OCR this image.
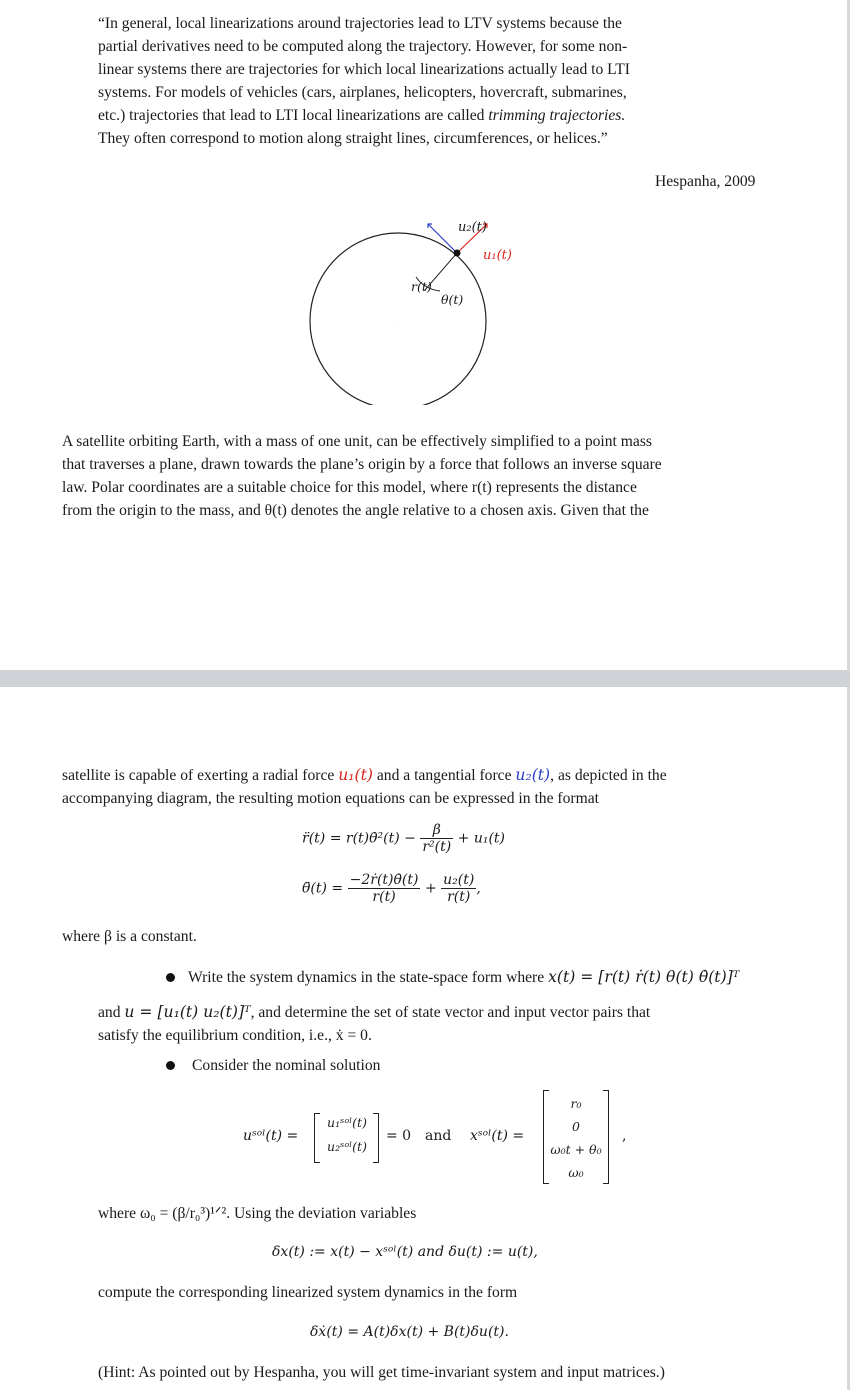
“In general, local linearizations around trajectories lead to LTV systems because the

partial derivatives need to be computed along the trajectory. However, for some non-

linear systems there are trajectories for which local linearizations actually lead to LTI

systems. For models of vehicles (cars, airplanes, helicopters, hovercraft, submarines,

etc.) trajectories that lead to LTI local linearizations are called trimming trajectories.

They often correspond to motion along straight lines, circumferences, or helices.”

Hespanha, 2009

u₂(t)
u₁(t)
r(t)
θ(t)

A satellite orbiting Earth, with a mass of one unit, can be effectively simplified to a point mass

that traverses a plane, drawn towards the plane’s origin by a force that follows an inverse square

law. Polar coordinates are a suitable choice for this model, where r(t) represents the distance

from the origin to the mass, and θ(t) denotes the angle relative to a chosen axis. Given that the

satellite is capable of exerting a radial force u₁(t) and a tangential force u₂(t), as depicted in the

accompanying diagram, the resulting motion equations can be expressed in the format

r̈(t) = r(t)θ̇²(t) − $\frac{\beta}{\text{r²(t)}} + u_1(t)$
θ̈(t) = $\frac{\text{−2ṙ(t)θ̇(t)}}{r(t)} + \frac{\text{u₂(t)}}{r(t)}$ ,

where β is a constant.

Write the system dynamics in the state-space form where x(t) = [r(t) ṙ(t) θ(t) θ̇(t)]ᵀ

and u = [u₁(t) u₂(t)]ᵀ, and determine the set of state vector and input vector pairs that

satisfy the equilibrium condition, i.e., ẋ = 0.

Consider the nominal solution

uˢᵒˡ(t) =
u₁ˢᵒˡ(t)
u₂ˢᵒˡ(t)
= 0 and xˢᵒˡ(t) =
r₀
0
ω₀t + θ₀
ω₀
,

where ω₀ = (β/r₀³)¹ᐟ². Using the deviation variables

δx(t) := x(t) − xˢᵒˡ(t) and δu(t) := u(t),

compute the corresponding linearized system dynamics in the form

δẋ(t) = A(t)δx(t) + B(t)δu(t).

(Hint: As pointed out by Hespanha, you will get time-invariant system and input matrices.)
